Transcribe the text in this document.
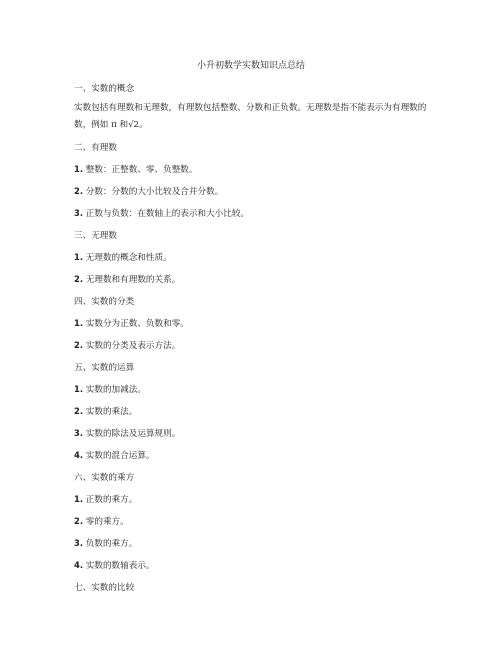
小升初数学实数知识点总结
一、实数的概念
实数包括有理数和无理数，有理数包括整数、分数和正负数。无理数是指不能表示为有理数的数，例如 π 和√2。
二、有理数
1. 整数：正整数、零、负整数。
2. 分数：分数的大小比较及合并分数。
3. 正数与负数：在数轴上的表示和大小比较。
三、无理数
1. 无理数的概念和性质。
2. 无理数和有理数的关系。
四、实数的分类
1. 实数分为正数、负数和零。
2. 实数的分类及表示方法。
五、实数的运算
1. 实数的加减法。
2. 实数的乘法。
3. 实数的除法及运算规则。
4. 实数的混合运算。
六、实数的乘方
1. 正数的乘方。
2. 零的乘方。
3. 负数的乘方。
4. 实数的数轴表示。
七、实数的比较
